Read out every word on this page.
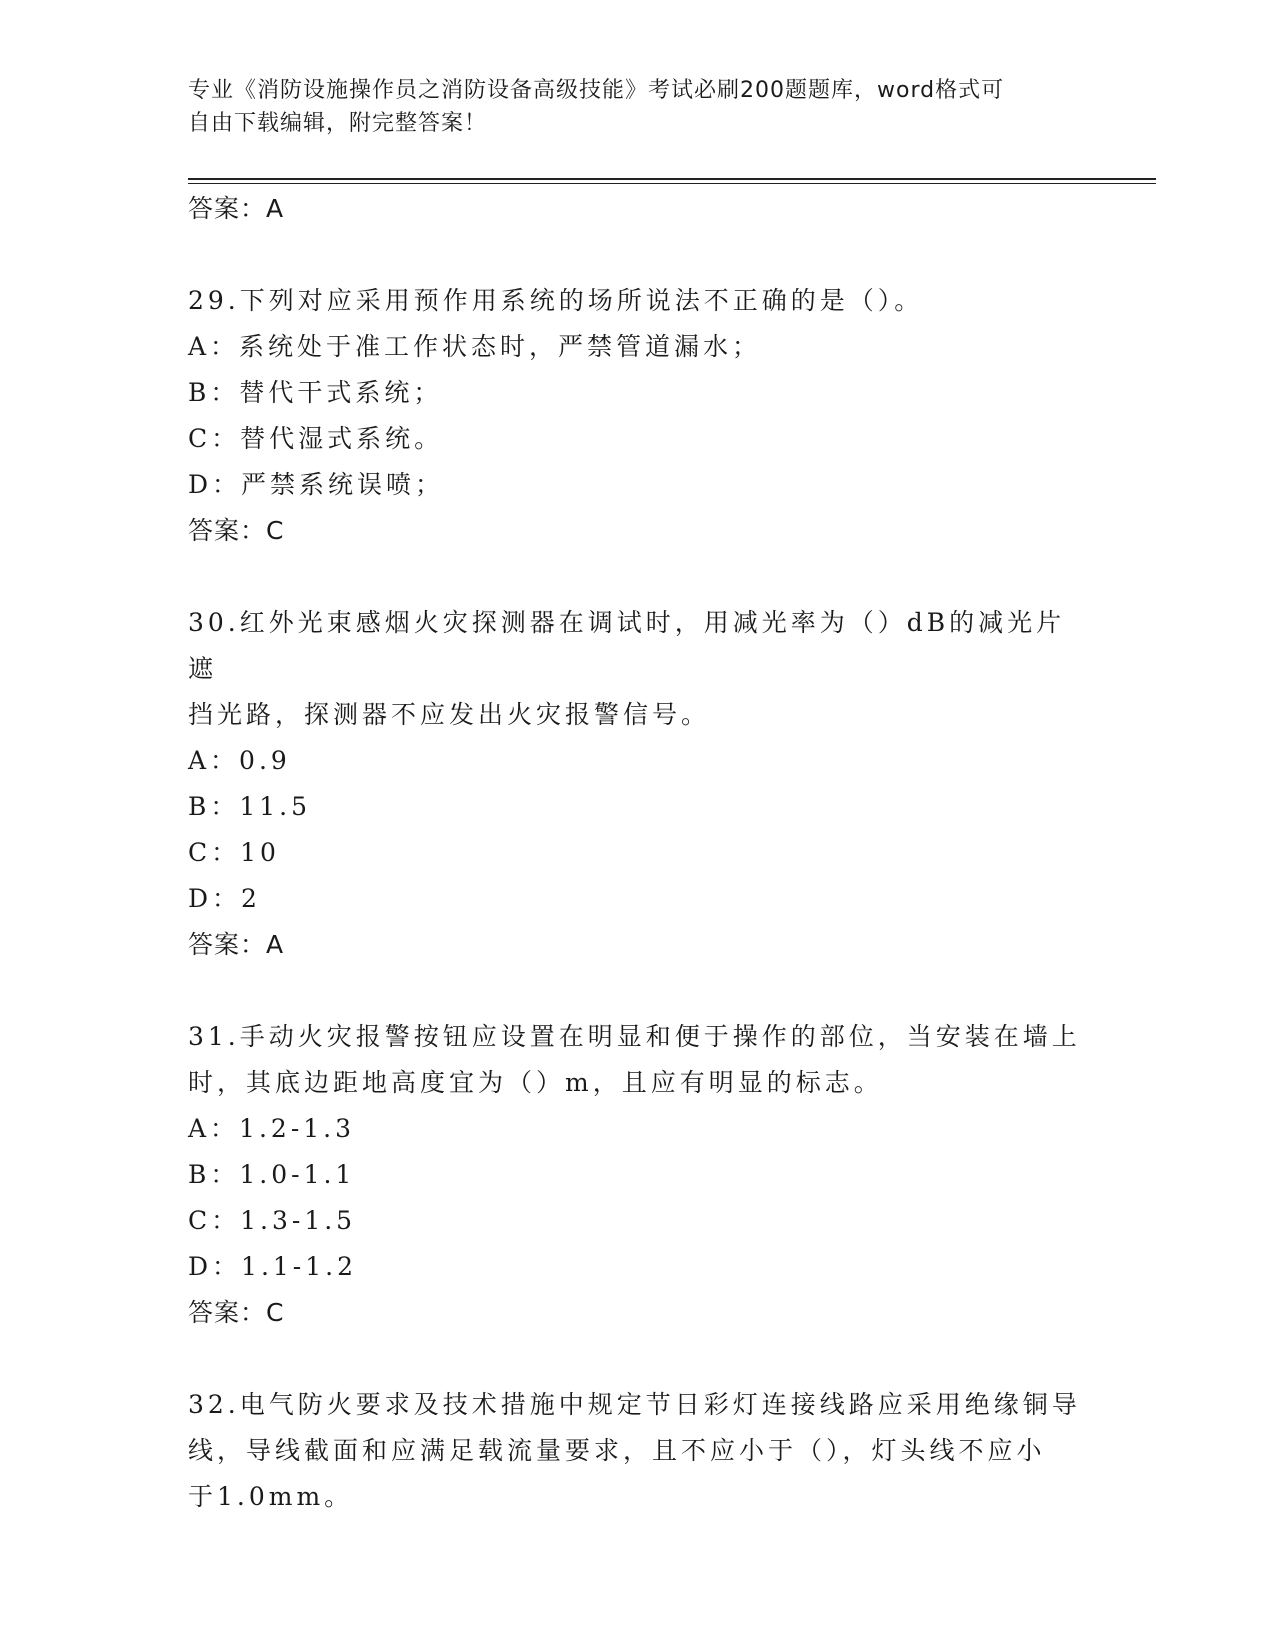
专业《消防设施操作员之消防设备高级技能》考试必刷200题题库，word格式可
自由下载编辑，附完整答案！

答案：A

29.下列对应采用预作用系统的场所说法不正确的是（）。

A：系统处于准工作状态时，严禁管道漏水；

B：替代干式系统；

C：替代湿式系统。

D：严禁系统误喷；

答案：C

30.红外光束感烟火灾探测器在调试时，用减光率为（）dB的减光片遮

挡光路，探测器不应发出火灾报警信号。

A：0.9

B：11.5

C：10

D：2

答案：A

31.手动火灾报警按钮应设置在明显和便于操作的部位，当安装在墙上

时，其底边距地高度宜为（）m，且应有明显的标志。

A：1.2-1.3

B：1.0-1.1

C：1.3-1.5

D：1.1-1.2

答案：C

32.电气防火要求及技术措施中规定节日彩灯连接线路应采用绝缘铜导

线，导线截面和应满足载流量要求，且不应小于（），灯头线不应小

于1.0mm。
